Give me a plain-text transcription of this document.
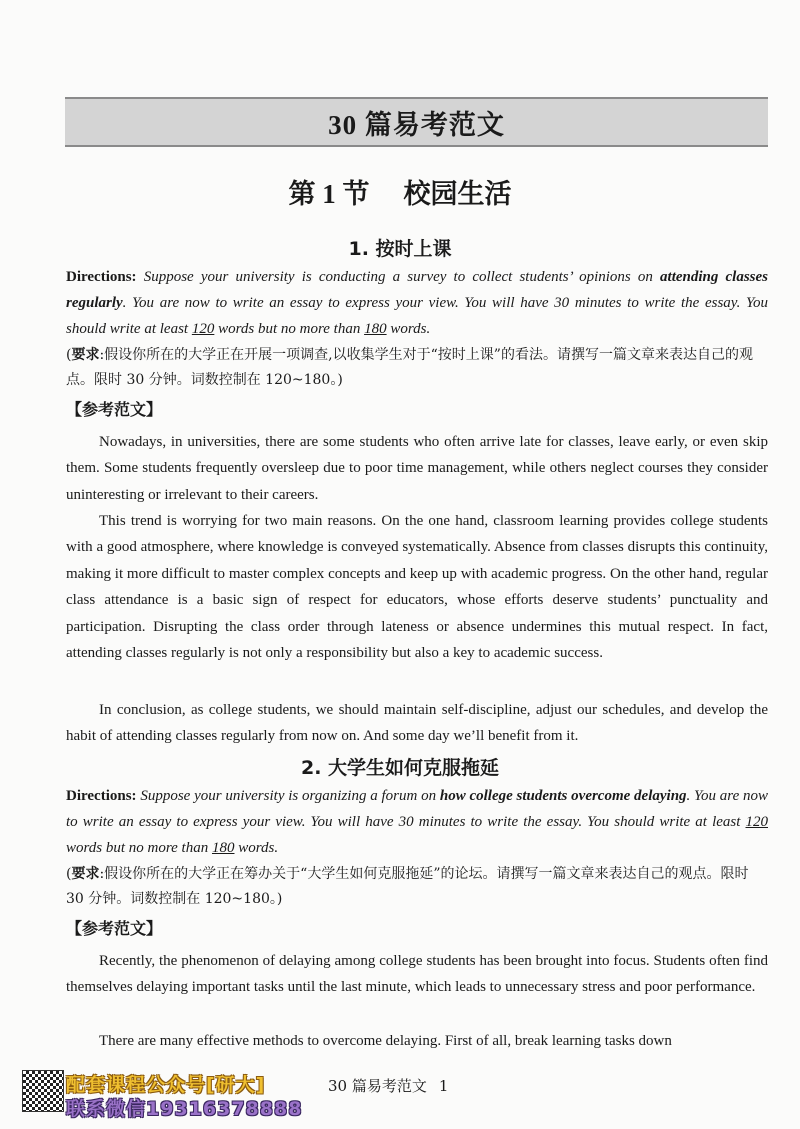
30 篇易考范文
第 1 节 校园生活
1. 按时上课

Directions: Suppose your university is conducting a survey to collect students’ opinions on attending classes regularly. You are now to write an essay to express your view. You will have 30 minutes to write the essay. You should write at least 120 words but no more than 180 words.

(要求:假设你所在的大学正在开展一项调查,以收集学生对于“按时上课”的看法。请撰写一篇文章来表达自己的观点。限时 30 分钟。词数控制在 120~180。)

【参考范文】

Nowadays, in universities, there are some students who often arrive late for classes, leave early, or even skip them. Some students frequently oversleep due to poor time management, while others neglect courses they consider uninteresting or irrelevant to their careers.

This trend is worrying for two main reasons. On the one hand, classroom learning provides college students with a good atmosphere, where knowledge is conveyed systematically. Absence from classes disrupts this continuity, making it more difficult to master complex concepts and keep up with academic progress. On the other hand, regular class attendance is a basic sign of respect for educators, whose efforts deserve students’ punctuality and participation. Disrupting the class order through lateness or absence undermines this mutual respect. In fact, attending classes regularly is not only a responsibility but also a key to academic success.

In conclusion, as college students, we should maintain self-discipline, adjust our schedules, and develop the habit of attending classes regularly from now on. And some day we’ll benefit from it.

2. 大学生如何克服拖延

Directions: Suppose your university is organizing a forum on how college students overcome delaying. You are now to write an essay to express your view. You will have 30 minutes to write the essay. You should write at least 120 words but no more than 180 words.

(要求:假设你所在的大学正在筹办关于“大学生如何克服拖延”的论坛。请撰写一篇文章来表达自己的观点。限时 30 分钟。词数控制在 120~180。)

【参考范文】

Recently, the phenomenon of delaying among college students has been brought into focus. Students often find themselves delaying important tasks until the last minute, which leads to unnecessary stress and poor performance.

There are many effective methods to overcome delaying. First of all, break learning tasks down

配套课程公众号[研大]
联系微信19316378888
30 篇易考范文 1
